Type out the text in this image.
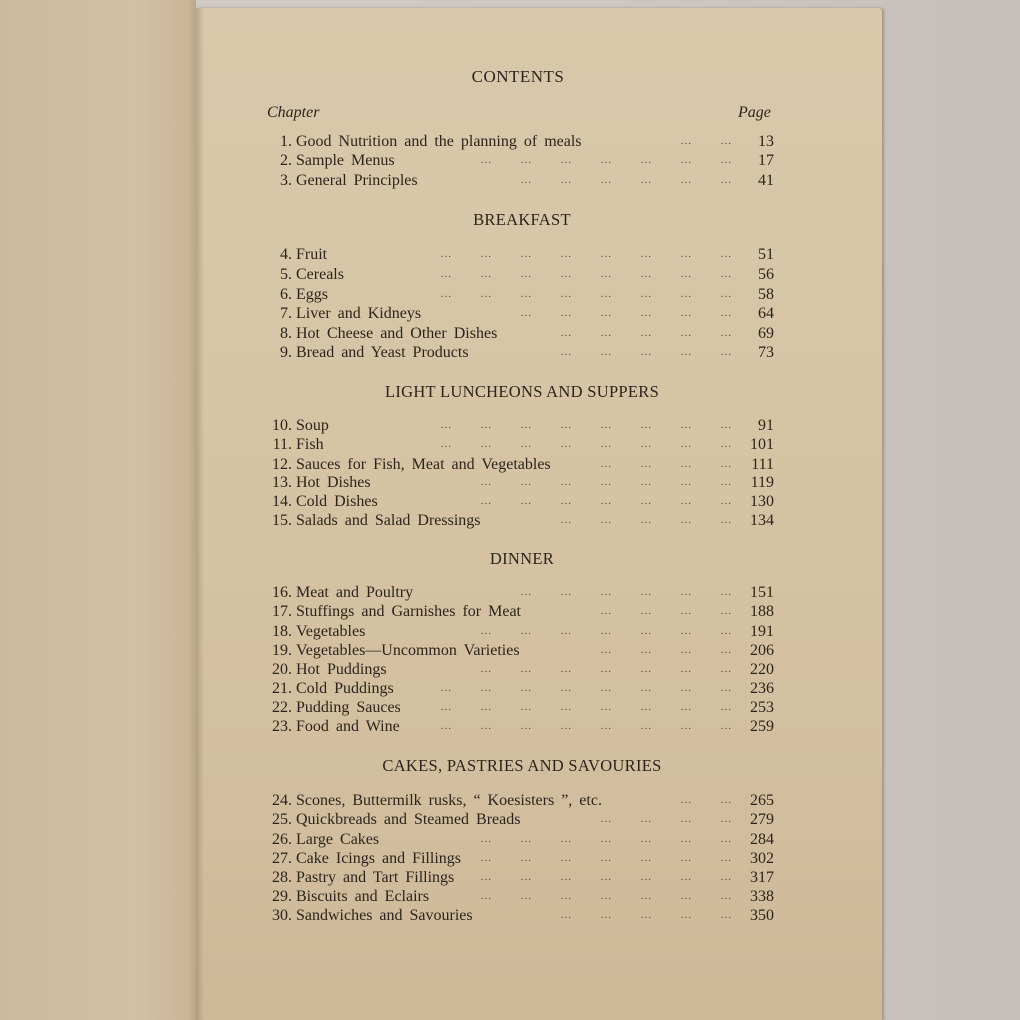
CONTENTS
Chapter	Page
1. Good Nutrition and the planning of meals	... ... 13
2. Sample Menus	... ... ... ... ... ... ... 17
3. General Principles	... ... ... ... ... ... 41
BREAKFAST
4. Fruit	... ... ... ... ... ... ... ... 51
5. Cereals	... ... ... ... ... ... ... ... 56
6. Eggs	... ... ... ... ... ... ... ... 58
7. Liver and Kidneys	... ... ... ... ... ... 64
8. Hot Cheese and Other Dishes	... ... ... ... ... 69
9. Bread and Yeast Products	... ... ... ... ... 73
LIGHT LUNCHEONS AND SUPPERS
10. Soup	... ... ... ... ... ... ... ... 91
11. Fish	... ... ... ... ... ... ... ... 101
12. Sauces for Fish, Meat and Vegetables	... ... ... ... 111
13. Hot Dishes	... ... ... ... ... ... ... 119
14. Cold Dishes	... ... ... ... ... ... ... 130
15. Salads and Salad Dressings	... ... ... ... ... 134
DINNER
16. Meat and Poultry	... ... ... ... ... ... 151
17. Stuffings and Garnishes for Meat	... ... ... ... 188
18. Vegetables	... ... ... ... ... ... ... 191
19. Vegetables—Uncommon Varieties	... ... ... ... 206
20. Hot Puddings	... ... ... ... ... ... ... 220
21. Cold Puddings	... ... ... ... ... ... ... ... 236
22. Pudding Sauces	... ... ... ... ... ... ... ... 253
23. Food and Wine	... ... ... ... ... ... ... ... 259
CAKES, PASTRIES AND SAVOURIES
24. Scones, Buttermilk rusks, “ Koesisters ”, etc.	... ... 265
25. Quickbreads and Steamed Breads	... ... ... ... 279
26. Large Cakes	... ... ... ... ... ... ... 284
27. Cake Icings and Fillings ... ... ... ... ... ... ... 302
28. Pastry and Tart Fillings ... ... ... ... ... ... ... 317
29. Biscuits and Eclairs	... ... ... ... ... ... ... 338
30. Sandwiches and Savouries	... ... ... ... ... 350
